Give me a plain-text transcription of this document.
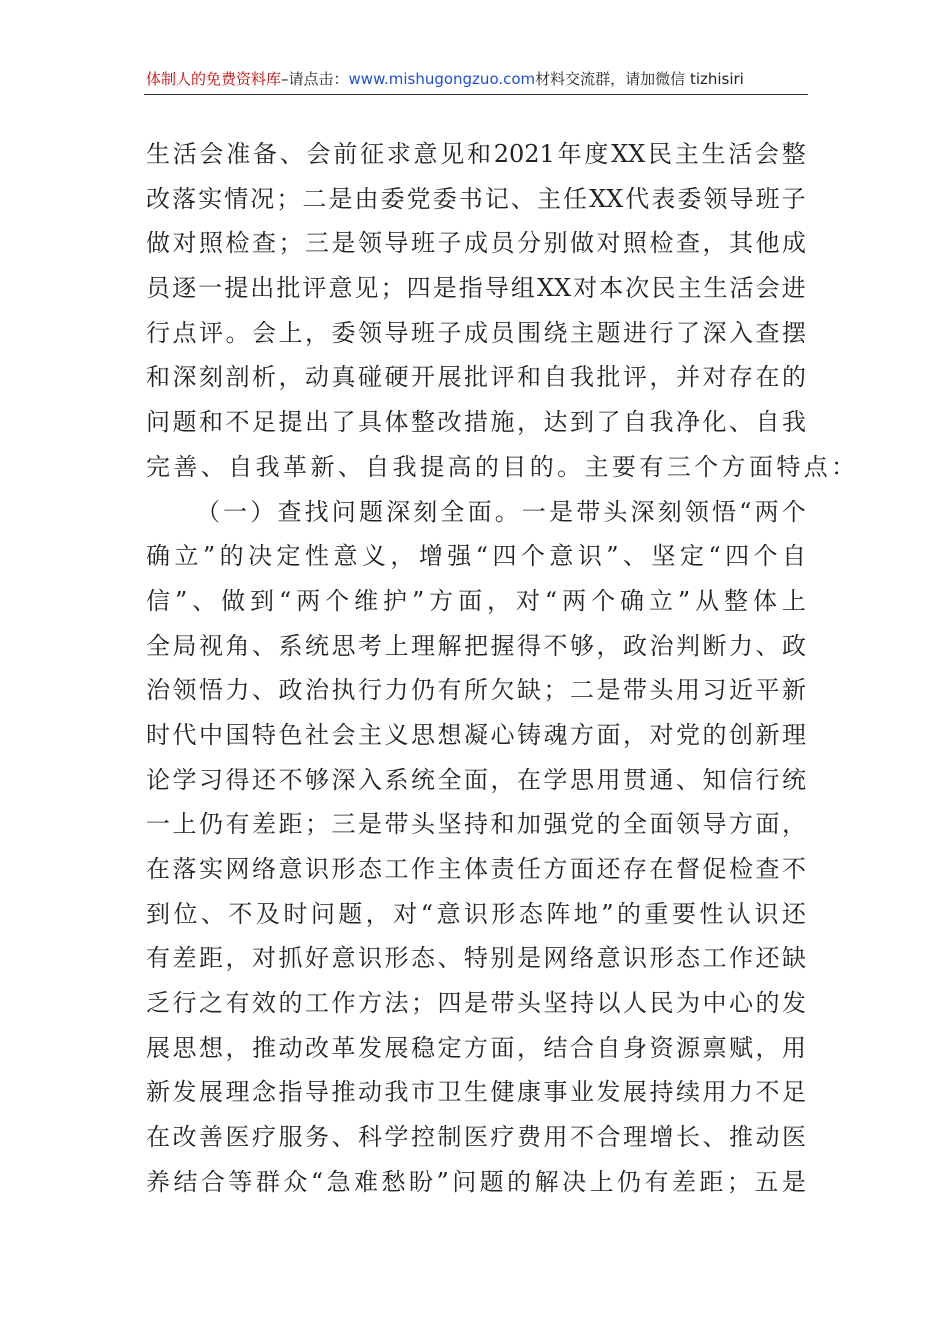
体制人的免费资料库–请点击：www.mishugongzuo.com材料交流群，请加微信 tizhisiri
生 活 会 准 备 、 会 前 征 求 意 见 和 2021 年 度 XX 民 主 生 活 会 整
改 落 实 情 况 ； 二 是 由 委 党 委 书 记 、 主 任 XX 代 表 委 领 导 班 子
做 对 照 检 查 ； 三 是 领 导 班 子 成 员 分 别 做 对 照 检 查 ， 其 他 成
员 逐 一 提 出 批 评 意 见 ； 四 是 指 导 组 XX 对 本 次 民 主 生 活 会 进
行 点 评 。 会 上 ， 委 领 导 班 子 成 员 围 绕 主 题 进 行 了 深 入 查 摆
和 深 刻 剖 析 ， 动 真 碰 硬 开 展 批 评 和 自 我 批 评 ， 并 对 存 在 的
问 题 和 不 足 提 出 了 具 体 整 改 措 施 ， 达 到 了 自 我 净 化 、 自 我
完 善 、 自 我 革 新 、 自 我 提 高 的 目 的 。 主 要 有 三 个 方 面 特 点 ：
（ 一 ） 查 找 问 题 深 刻 全 面 。 一 是 带 头 深 刻 领 悟 “ 两 个
确 立 ” 的 决 定 性 意 义 ， 增 强 “ 四 个 意 识 ” 、 坚 定 “ 四 个 自
信 ” 、 做 到 “ 两 个 维 护 ” 方 面 ， 对 “ 两 个 确 立 ” 从 整 体 上
全 局 视 角 、 系 统 思 考 上 理 解 把 握 得 不 够 ， 政 治 判 断 力 、 政
治 领 悟 力 、 政 治 执 行 力 仍 有 所 欠 缺 ； 二 是 带 头 用 习 近 平 新
时 代 中 国 特 色 社 会 主 义 思 想 凝 心 铸 魂 方 面 ， 对 党 的 创 新 理
论 学 习 得 还 不 够 深 入 系 统 全 面 ， 在 学 思 用 贯 通 、 知 信 行 统
一 上 仍 有 差 距 ； 三 是 带 头 坚 持 和 加 强 党 的 全 面 领 导 方 面 ，
在 落 实 网 络 意 识 形 态 工 作 主 体 责 任 方 面 还 存 在 督 促 检 查 不
到 位 、 不 及 时 问 题 ， 对 “ 意 识 形 态 阵 地 ” 的 重 要 性 认 识 还
有 差 距 ， 对 抓 好 意 识 形 态 、 特 别 是 网 络 意 识 形 态 工 作 还 缺
乏 行 之 有 效 的 工 作 方 法 ； 四 是 带 头 坚 持 以 人 民 为 中 心 的 发
展 思 想 ， 推 动 改 革 发 展 稳 定 方 面 ， 结 合 自 身 资 源 禀 赋 ， 用
新 发 展 理 念 指 导 推 动 我 市 卫 生 健 康 事 业 发 展 持 续 用 力 不 足
在 改 善 医 疗 服 务 、 科 学 控 制 医 疗 费 用 不 合 理 增 长 、 推 动 医
养 结 合 等 群 众 “ 急 难 愁 盼 ” 问 题 的 解 决 上 仍 有 差 距 ； 五 是
